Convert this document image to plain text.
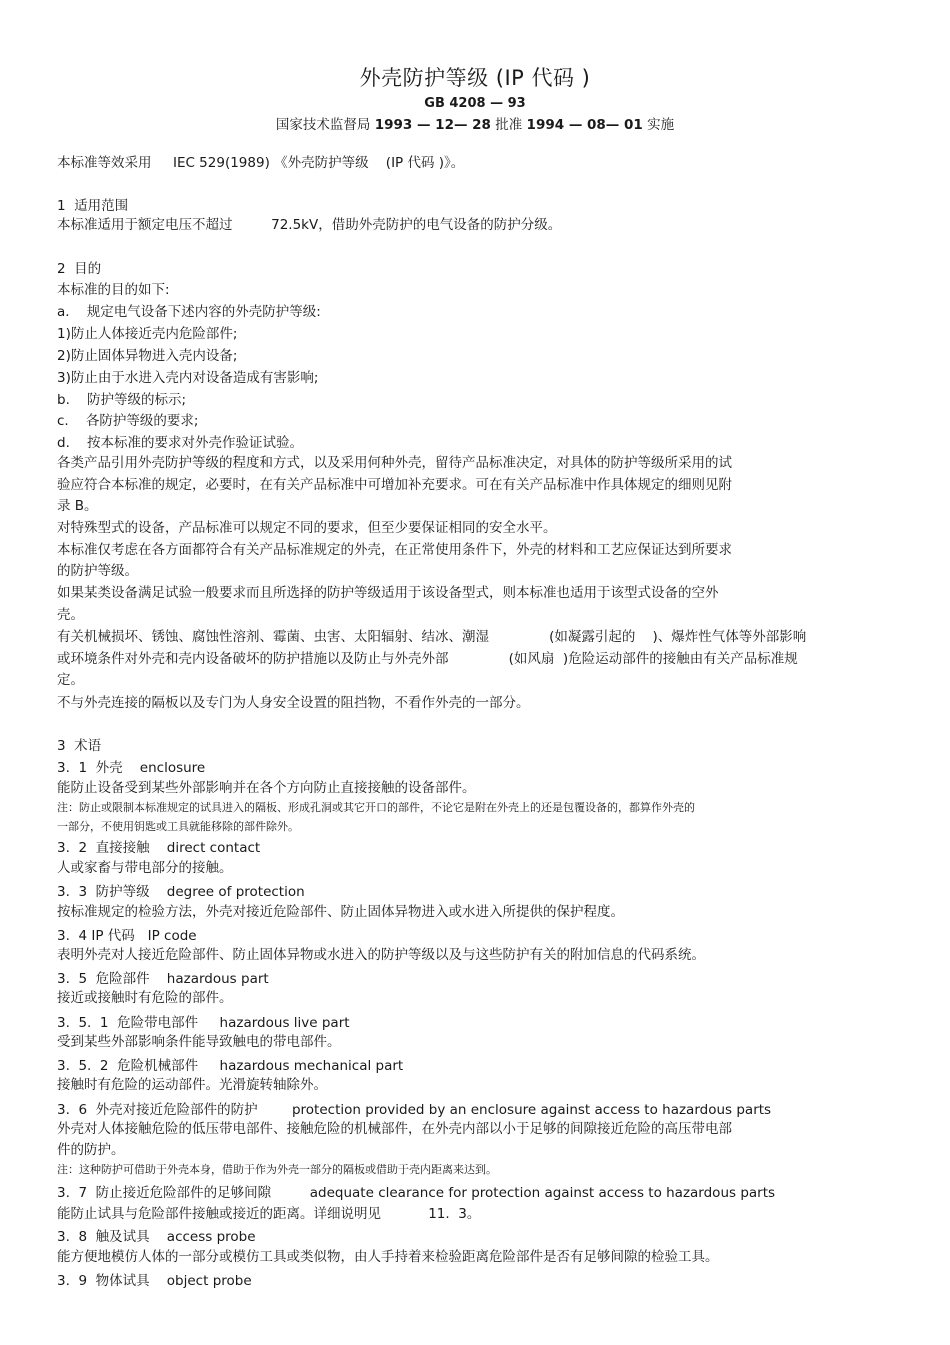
外壳防护等级 (IP 代码 )
GB 4208 — 93
国家技术监督局 1993 — 12— 28 批准 1994 — 08— 01 实施
本标准等效采用     IEC 529(1989) 《外壳防护等级    (IP 代码 )》。
1  适用范围
本标准适用于额定电压不超过         72.5kV，借助外壳防护的电气设备的防护分级。
2  目的
本标准的目的如下:
a.    规定电气设备下述内容的外壳防护等级:
1)防止人体接近壳内危险部件;
2)防止固体异物进入壳内设备;
3)防止由于水进入壳内对设备造成有害影响;
b.    防护等级的标示;
c.    各防护等级的要求;
d.    按本标准的要求对外壳作验证试验。
各类产品引用外壳防护等级的程度和方式，以及采用何种外壳，留待产品标准决定，对具体的防护等级所采用的试
验应符合本标准的规定，必要时，在有关产品标准中可增加补充要求。可在有关产品标准中作具体规定的细则见附
录 B。
对特殊型式的设备，产品标准可以规定不同的要求，但至少要保证相同的安全水平。
本标准仅考虑在各方面都符合有关产品标准规定的外壳，在正常使用条件下，外壳的材料和工艺应保证达到所要求
的防护等级。
如果某类设备满足试验一般要求而且所选择的防护等级适用于该设备型式，则本标准也适用于该型式设备的空外
壳。
有关机械损坏、锈蚀、腐蚀性溶剂、霉菌、虫害、太阳辐射、结冰、潮湿              (如凝露引起的    )、爆炸性气体等外部影响
或环境条件对外壳和壳内设备破坏的防护措施以及防止与外壳外部              (如风扇  )危险运动部件的接触由有关产品标准规
定。
不与外壳连接的隔板以及专门为人身安全设置的阻挡物，不看作外壳的一部分。
3  术语
3.  1  外壳    enclosure
能防止设备受到某些外部影响并在各个方向防止直接接触的设备部件。
注：防止或限制本标准规定的试具进入的隔板、形成孔洞或其它开口的部件，不论它是附在外壳上的还是包覆设备的，都算作外壳的
一部分，不使用钥匙或工具就能移除的部件除外。
3.  2  直接接触    direct contact
人或家畜与带电部分的接触。
3.  3  防护等级    degree of protection
按标准规定的检验方法，外壳对接近危险部件、防止固体异物进入或水进入所提供的保护程度。
3.  4 IP 代码   IP code
表明外壳对人接近危险部件、防止固体异物或水进入的防护等级以及与这些防护有关的附加信息的代码系统。
3.  5  危险部件    hazardous part
接近或接触时有危险的部件。
3.  5.  1  危险带电部件     hazardous live part
受到某些外部影响条件能导致触电的带电部件。
3.  5.  2  危险机械部件     hazardous mechanical part
接触时有危险的运动部件。光滑旋转轴除外。
3.  6  外壳对接近危险部件的防护        protection provided by an enclosure against access to hazardous parts
外壳对人体接触危险的低压带电部件、接触危险的机械部件，在外壳内部以小于足够的间隙接近危险的高压带电部
件的防护。
注：这种防护可借助于外壳本身，借助于作为外壳一部分的隔板或借助于壳内距离来达到。
3.  7  防止接近危险部件的足够间隙         adequate clearance for protection against access to hazardous parts
能防止试具与危险部件接触或接近的距离。详细说明见           11.  3。
3.  8  触及试具    access probe
能方便地模仿人体的一部分或模仿工具或类似物，由人手持着来检验距离危险部件是否有足够间隙的检验工具。
3.  9  物体试具    object probe
